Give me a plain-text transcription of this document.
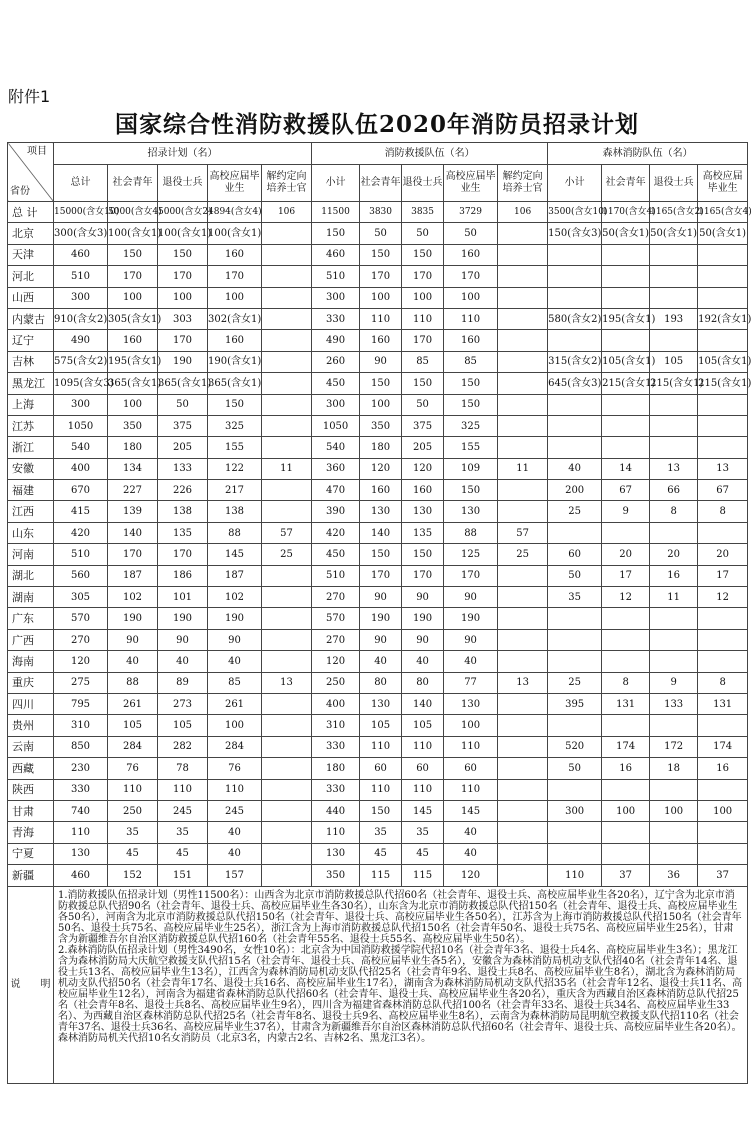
附件1
国家综合性消防救援队伍2020年消防员招录计划
项目
省份	招录计划（名）					消防救援队伍（名）					森林消防队伍（名）			
	总计	社会青年	退役士兵	高校应届毕业生	解约定向培养士官	小计	社会青年	退役士兵	高校应届毕业生	解约定向培养士官	小计	社会青年	退役士兵	高校应届毕业生
总 计	15000(含女10)	5000(含女4)	5000(含女2)	4894(含女4)	106	11500	3830	3835	3729	106	3500(含女10)	1170(含女4)	1165(含女2)	1165(含女4)
北京	300(含女3)	100(含女1)	100(含女1)	100(含女1)		150	50	50	50		150(含女3)	50(含女1)	50(含女1)	50(含女1)
天津	460	150	150	160		460	150	150	160					
河北	510	170	170	170		510	170	170	170					
山西	300	100	100	100		300	100	100	100					
内蒙古	910(含女2)	305(含女1)	303	302(含女1)		330	110	110	110		580(含女2)	195(含女1)	193	192(含女1)
辽宁	490	160	170	160		490	160	170	160					
吉林	575(含女2)	195(含女1)	190	190(含女1)		260	90	85	85		315(含女2)	105(含女1)	105	105(含女1)
黑龙江	1095(含女3)	365(含女1)	365(含女1)	365(含女1)		450	150	150	150		645(含女3)	215(含女1)	215(含女1)	215(含女1)
上海	300	100	50	150		300	100	50	150					
江苏	1050	350	375	325		1050	350	375	325					
浙江	540	180	205	155		540	180	205	155					
安徽	400	134	133	122	11	360	120	120	109	11	40	14	13	13
福建	670	227	226	217		470	160	160	150		200	67	66	67
江西	415	139	138	138		390	130	130	130		25	9	8	8
山东	420	140	135	88	57	420	140	135	88	57				
河南	510	170	170	145	25	450	150	150	125	25	60	20	20	20
湖北	560	187	186	187		510	170	170	170		50	17	16	17
湖南	305	102	101	102		270	90	90	90		35	12	11	12
广东	570	190	190	190		570	190	190	190					
广西	270	90	90	90		270	90	90	90					
海南	120	40	40	40		120	40	40	40					
重庆	275	88	89	85	13	250	80	80	77	13	25	8	9	8
四川	795	261	273	261		400	130	140	130		395	131	133	131
贵州	310	105	105	100		310	105	105	100					
云南	850	284	282	284		330	110	110	110		520	174	172	174
西藏	230	76	78	76		180	60	60	60		50	16	18	16
陕西	330	110	110	110		330	110	110	110					
甘肃	740	250	245	245		440	150	145	145		300	100	100	100
青海	110	35	35	40		110	35	35	40					
宁夏	130	45	45	40		130	45	45	40					
新疆	460	152	151	157		350	115	115	120		110	37	36	37
说　　明	1.消防救援队伍招录计划（男性11500名）：山西含为北京市消防救援总队代招60名（社会青年、退役士兵、高校应届毕业生各20名），辽宁含为北京市消防救援总队代招90名（社会青年、退役士兵、高校应届毕业生各30名），山东含为北京市消防救援总队代招150名（社会青年、退役士兵、高校应届毕业生各50名），河南含为北京市消防救援总队代招150名（社会青年、退役士兵、高校应届毕业生各50名），江苏含为上海市消防救援总队代招150名（社会青年50名、退役士兵75名、高校应届毕业生25名），浙江含为上海市消防救援总队代招150名（社会青年50名、退役士兵75名、高校应届毕业生25名），甘肃含为新疆维吾尔自治区消防救援总队代招160名（社会青年55名、退役士兵55名、高校应届毕业生50名）。

2.森林消防队伍招录计划（男性3490名，女性10名）：北京含为中国消防救援学院代招10名（社会青年3名、退役士兵4名、高校应届毕业生3名）；黑龙江含为森林消防局大庆航空救援支队代招15名（社会青年、退役士兵、高校应届毕业生各5名），安徽含为森林消防局机动支队代招40名（社会青年14名、退役士兵13名、高校应届毕业生13名），江西含为森林消防局机动支队代招25名（社会青年9名、退役士兵8名、高校应届毕业生8名），湖北含为森林消防局机动支队代招50名（社会青年17名、退役士兵16名、高校应届毕业生17名），湖南含为森林消防局机动支队代招35名（社会青年12名、退役士兵11名、高校应届毕业生12名），河南含为福建省森林消防总队代招60名（社会青年、退役士兵、高校应届毕业生各20名），重庆含为西藏自治区森林消防总队代招25名（社会青年8名、退役士兵8名、高校应届毕业生9名），四川含为福建省森林消防总队代招100名（社会青年33名、退役士兵34名、高校应届毕业生33名）、为西藏自治区森林消防总队代招25名（社会青年8名、退役士兵9名、高校应届毕业生8名），云南含为森林消防局昆明航空救援支队代招110名（社会青年37名、退役士兵36名、高校应届毕业生37名），甘肃含为新疆维吾尔自治区森林消防总队代招60名（社会青年、退役士兵、高校应届毕业生各20名）。森林消防局机关代招10名女消防员（北京3名，内蒙古2名、吉林2名、黑龙江3名）。													
